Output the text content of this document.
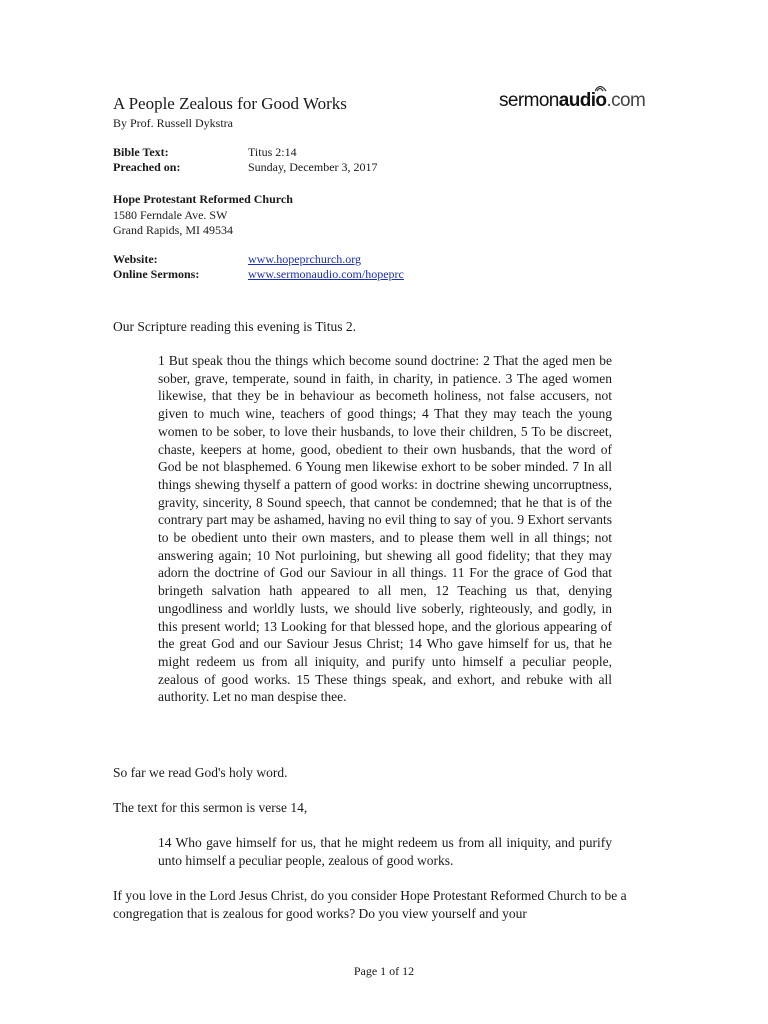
A People Zealous for Good Works
By Prof. Russell Dykstra
sermonaudio.com
Bible Text:	Titus 2:14
Preached on:	Sunday, December 3, 2017
Hope Protestant Reformed Church
1580 Ferndale Ave. SW
Grand Rapids, MI 49534
Website:	www.hopeprchurch.org
Online Sermons:	www.sermonaudio.com/hopeprc
Our Scripture reading this evening is Titus 2.
1 But speak thou the things which become sound doctrine: 2 That the aged men be sober, grave, temperate, sound in faith, in charity, in patience. 3 The aged women likewise, that they be in behaviour as becometh holiness, not false accusers, not given to much wine, teachers of good things; 4 That they may teach the young women to be sober, to love their husbands, to love their children, 5 To be discreet, chaste, keepers at home, good, obedient to their own husbands, that the word of God be not blasphemed. 6 Young men likewise exhort to be sober minded. 7 In all things shewing thyself a pattern of good works: in doctrine shewing uncorruptness, gravity, sincerity, 8 Sound speech, that cannot be condemned; that he that is of the contrary part may be ashamed, having no evil thing to say of you. 9 Exhort servants to be obedient unto their own masters, and to please them well in all things; not answering again; 10 Not purloining, but shewing all good fidelity; that they may adorn the doctrine of God our Saviour in all things. 11 For the grace of God that bringeth salvation hath appeared to all men, 12 Teaching us that, denying ungodliness and worldly lusts, we should live soberly, righteously, and godly, in this present world; 13 Looking for that blessed hope, and the glorious appearing of the great God and our Saviour Jesus Christ; 14 Who gave himself for us, that he might redeem us from all iniquity, and purify unto himself a peculiar people, zealous of good works. 15 These things speak, and exhort, and rebuke with all authority. Let no man despise thee.
So far we read God's holy word.
The text for this sermon is verse 14,
14 Who gave himself for us, that he might redeem us from all iniquity, and purify unto himself a peculiar people, zealous of good works.
If you love in the Lord Jesus Christ, do you consider Hope Protestant Reformed Church to be a congregation that is zealous for good works? Do you view yourself and your
Page 1 of 12
